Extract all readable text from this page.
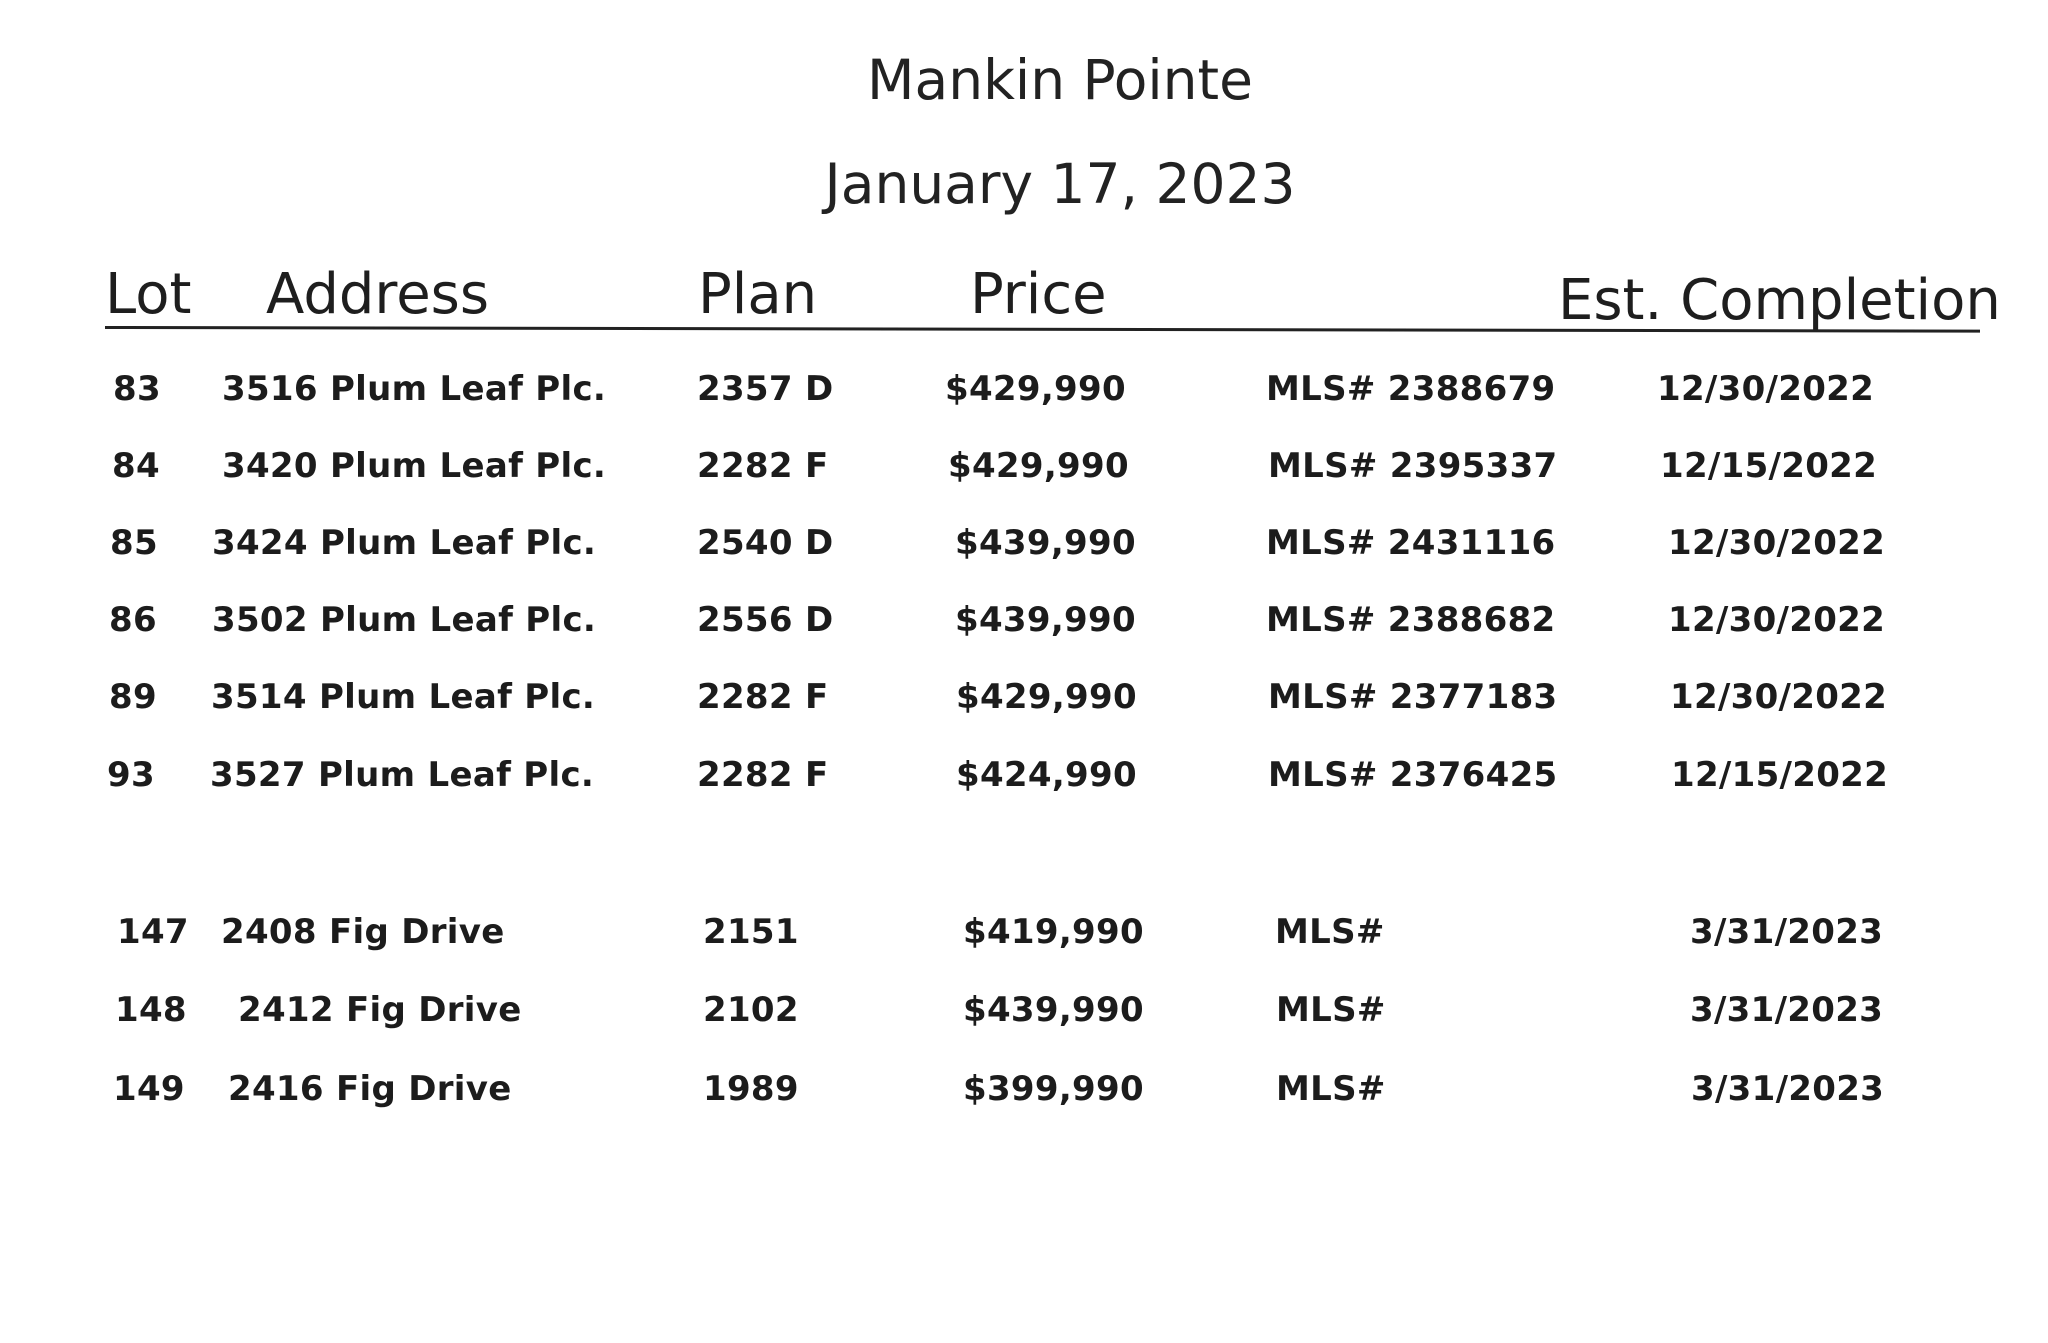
Mankin Pointe
January 17, 2023
Lot Address	Plan	Price	Est. Completion
83 3516 Plum Leaf Plc.	2357 D	$429,990	MLS# 2388679	12/30/2022
84 3420 Plum Leaf Plc.	2282 F	$429,990	MLS# 2395337	12/15/2022
85 3424 Plum Leaf Plc.	2540 D	$439,990	MLS# 2431116	12/30/2022
86 3502 Plum Leaf Plc.	2556 D	$439,990	MLS# 2388682	12/30/2022
89 3514 Plum Leaf Plc.	2282 F	$429,990	MLS# 2377183	12/30/2022
93 3527 Plum Leaf Plc.	2282 F	$424,990	MLS# 2376425	12/15/2022
147 2408 Fig Drive	2151	$419,990	MLS#	3/31/2023
148 2412 Fig Drive	2102	$439,990	MLS#	3/31/2023
149 2416 Fig Drive	1989	$399,990	MLS#	3/31/2023
